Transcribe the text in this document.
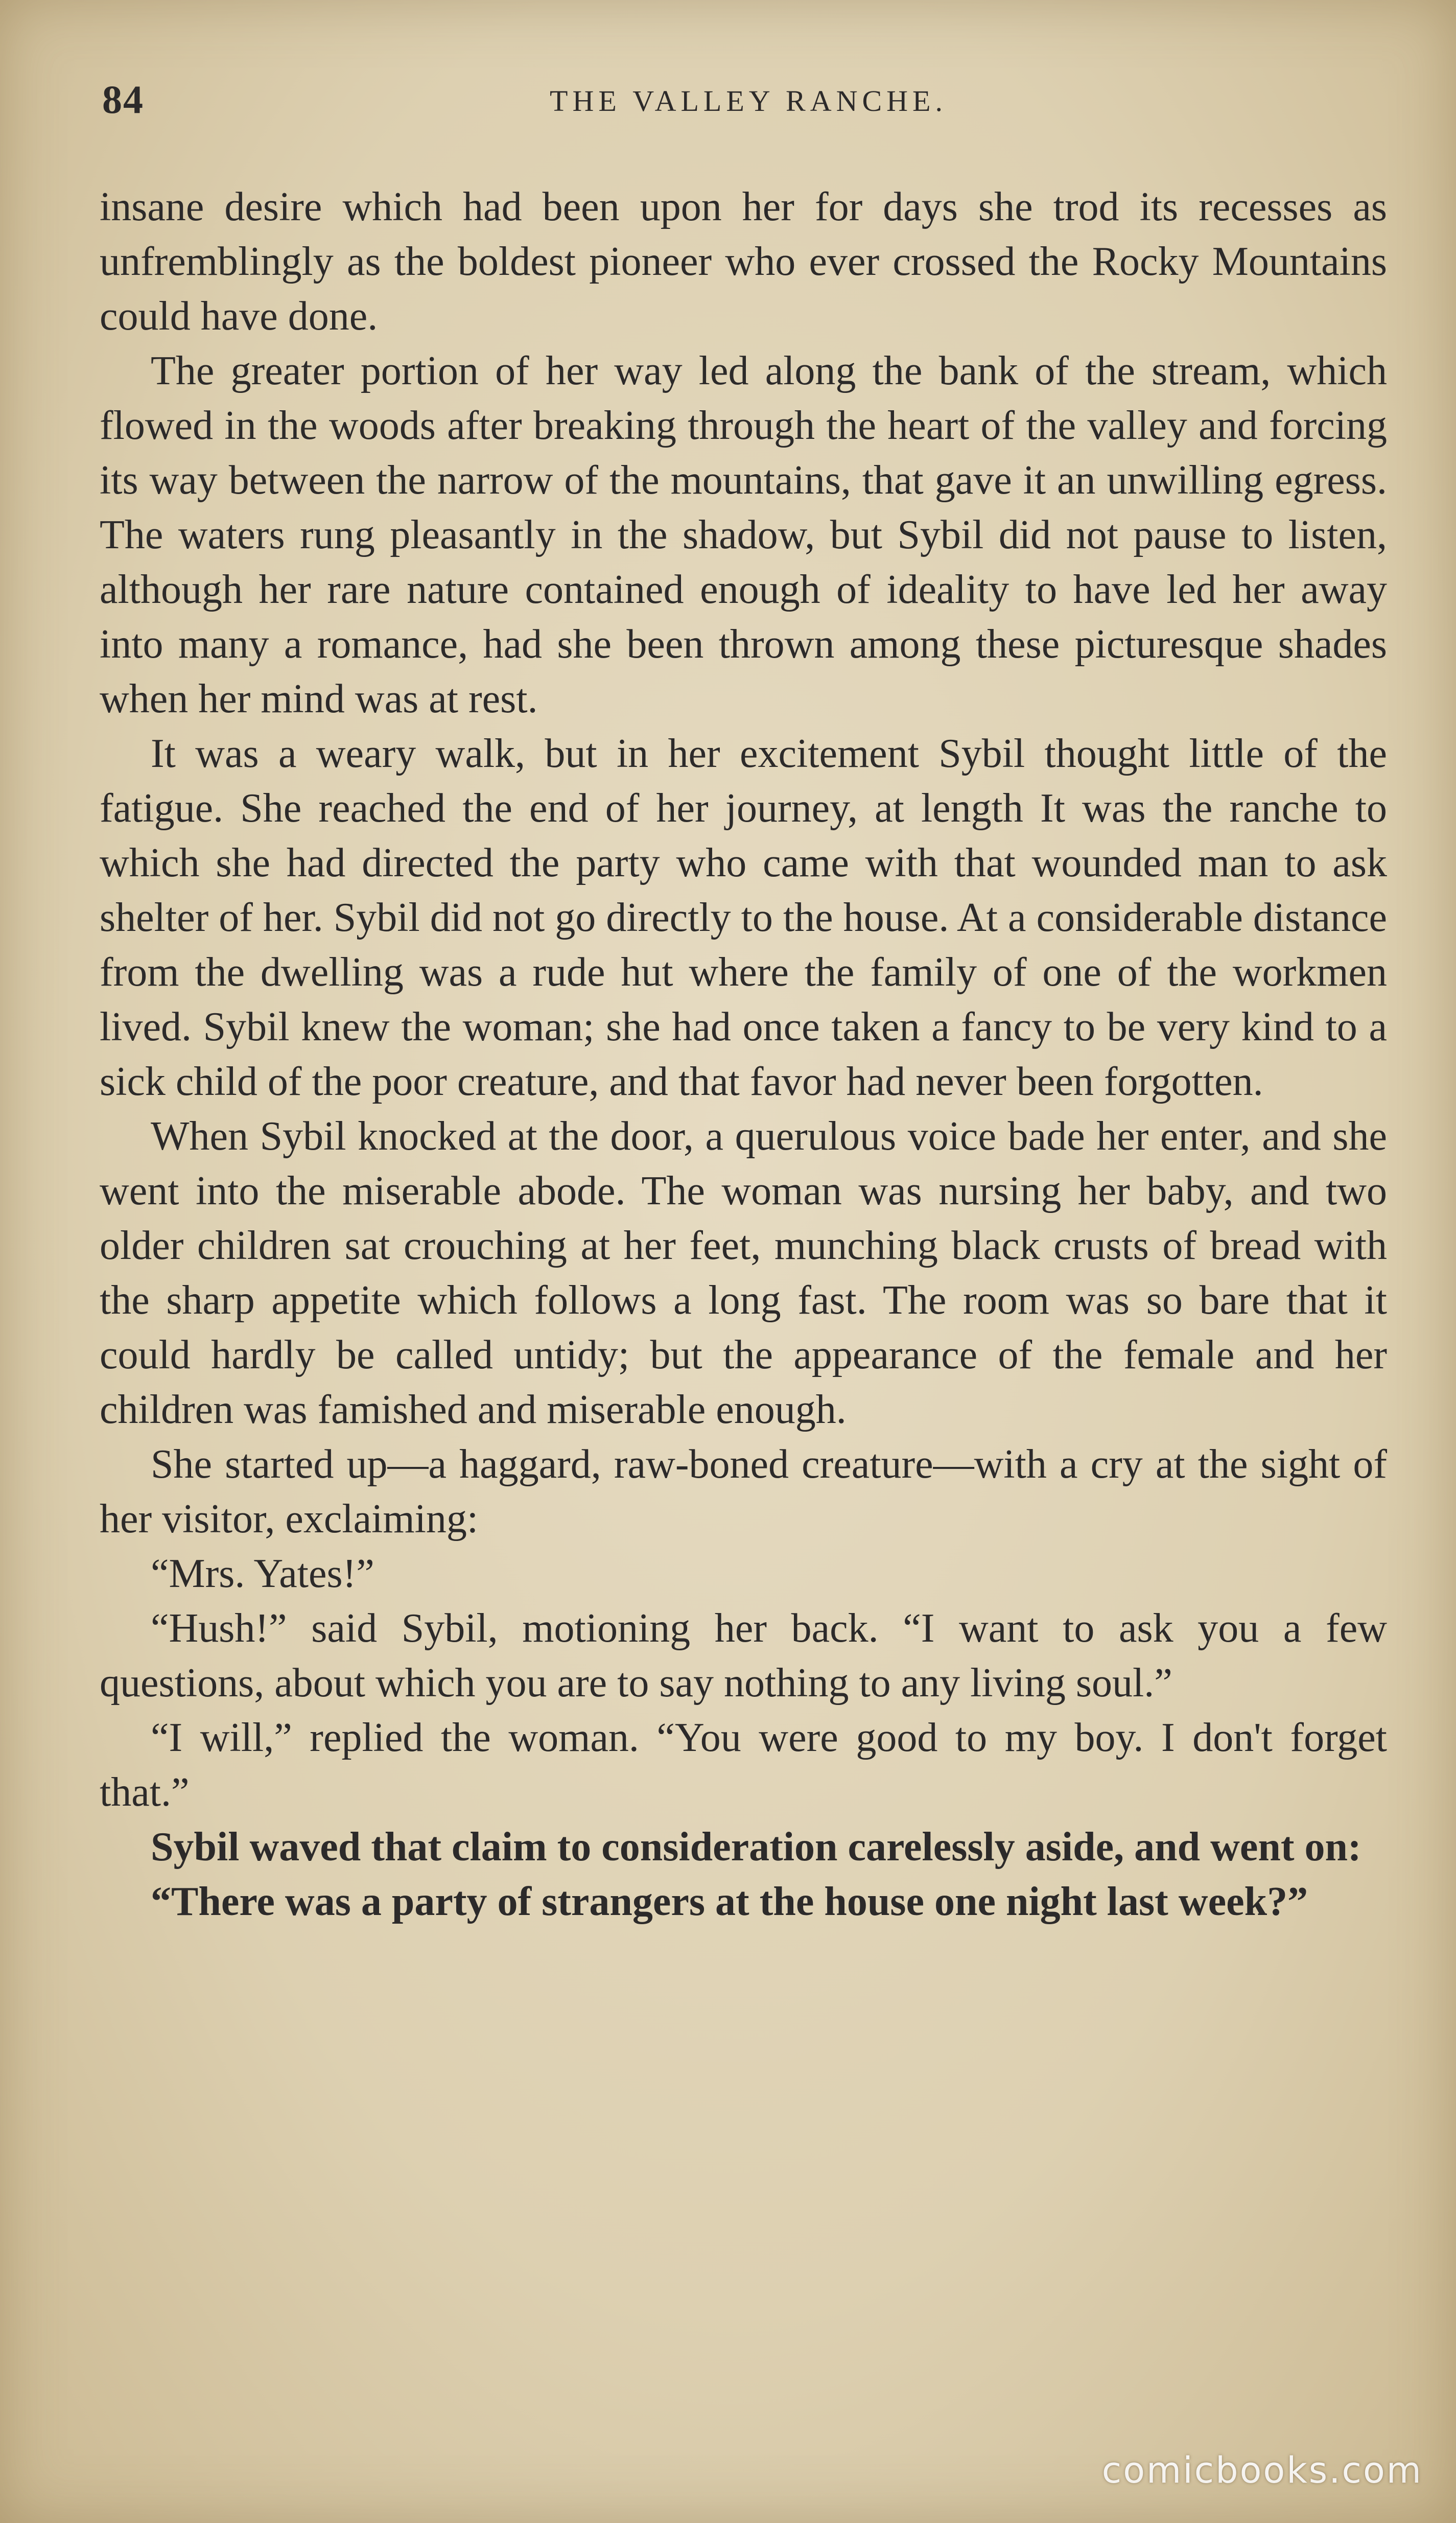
84	THE VALLEY RANCHE.

insane desire which had been upon her for days she trod its recesses as unfremblingly as the boldest pioneer who ever crossed the Rocky Mountains could have done.

The greater portion of her way led along the bank of the stream, which flowed in the woods after breaking through the heart of the valley and forcing its way between the narrow of the mountains, that gave it an unwilling egress. The waters rung pleasantly in the shadow, but Sybil did not pause to listen, although her rare nature contained enough of ideality to have led her away into many a romance, had she been thrown among these picturesque shades when her mind was at rest.

It was a weary walk, but in her excitement Sybil thought little of the fatigue. She reached the end of her journey, at length It was the ranche to which she had directed the party who came with that wounded man to ask shelter of her. Sybil did not go directly to the house. At a considerable distance from the dwelling was a rude hut where the family of one of the workmen lived. Sybil knew the woman; she had once taken a fancy to be very kind to a sick child of the poor creature, and that favor had never been forgotten.

When Sybil knocked at the door, a querulous voice bade her enter, and she went into the miserable abode. The woman was nursing her baby, and two older children sat crouching at her feet, munching black crusts of bread with the sharp appetite which follows a long fast. The room was so bare that it could hardly be called untidy; but the appearance of the female and her children was famished and miserable enough.

She started up—a haggard, raw-boned creature—with a cry at the sight of her visitor, exclaiming:

“Mrs. Yates!”

“Hush!” said Sybil, motioning her back. “I want to ask you a few questions, about which you are to say nothing to any living soul.”

“I will,” replied the woman. “You were good to my boy. I don't forget that.”

Sybil waved that claim to consideration carelessly aside, and went on:

“There was a party of strangers at the house one night last week?”

comicbooks.com
